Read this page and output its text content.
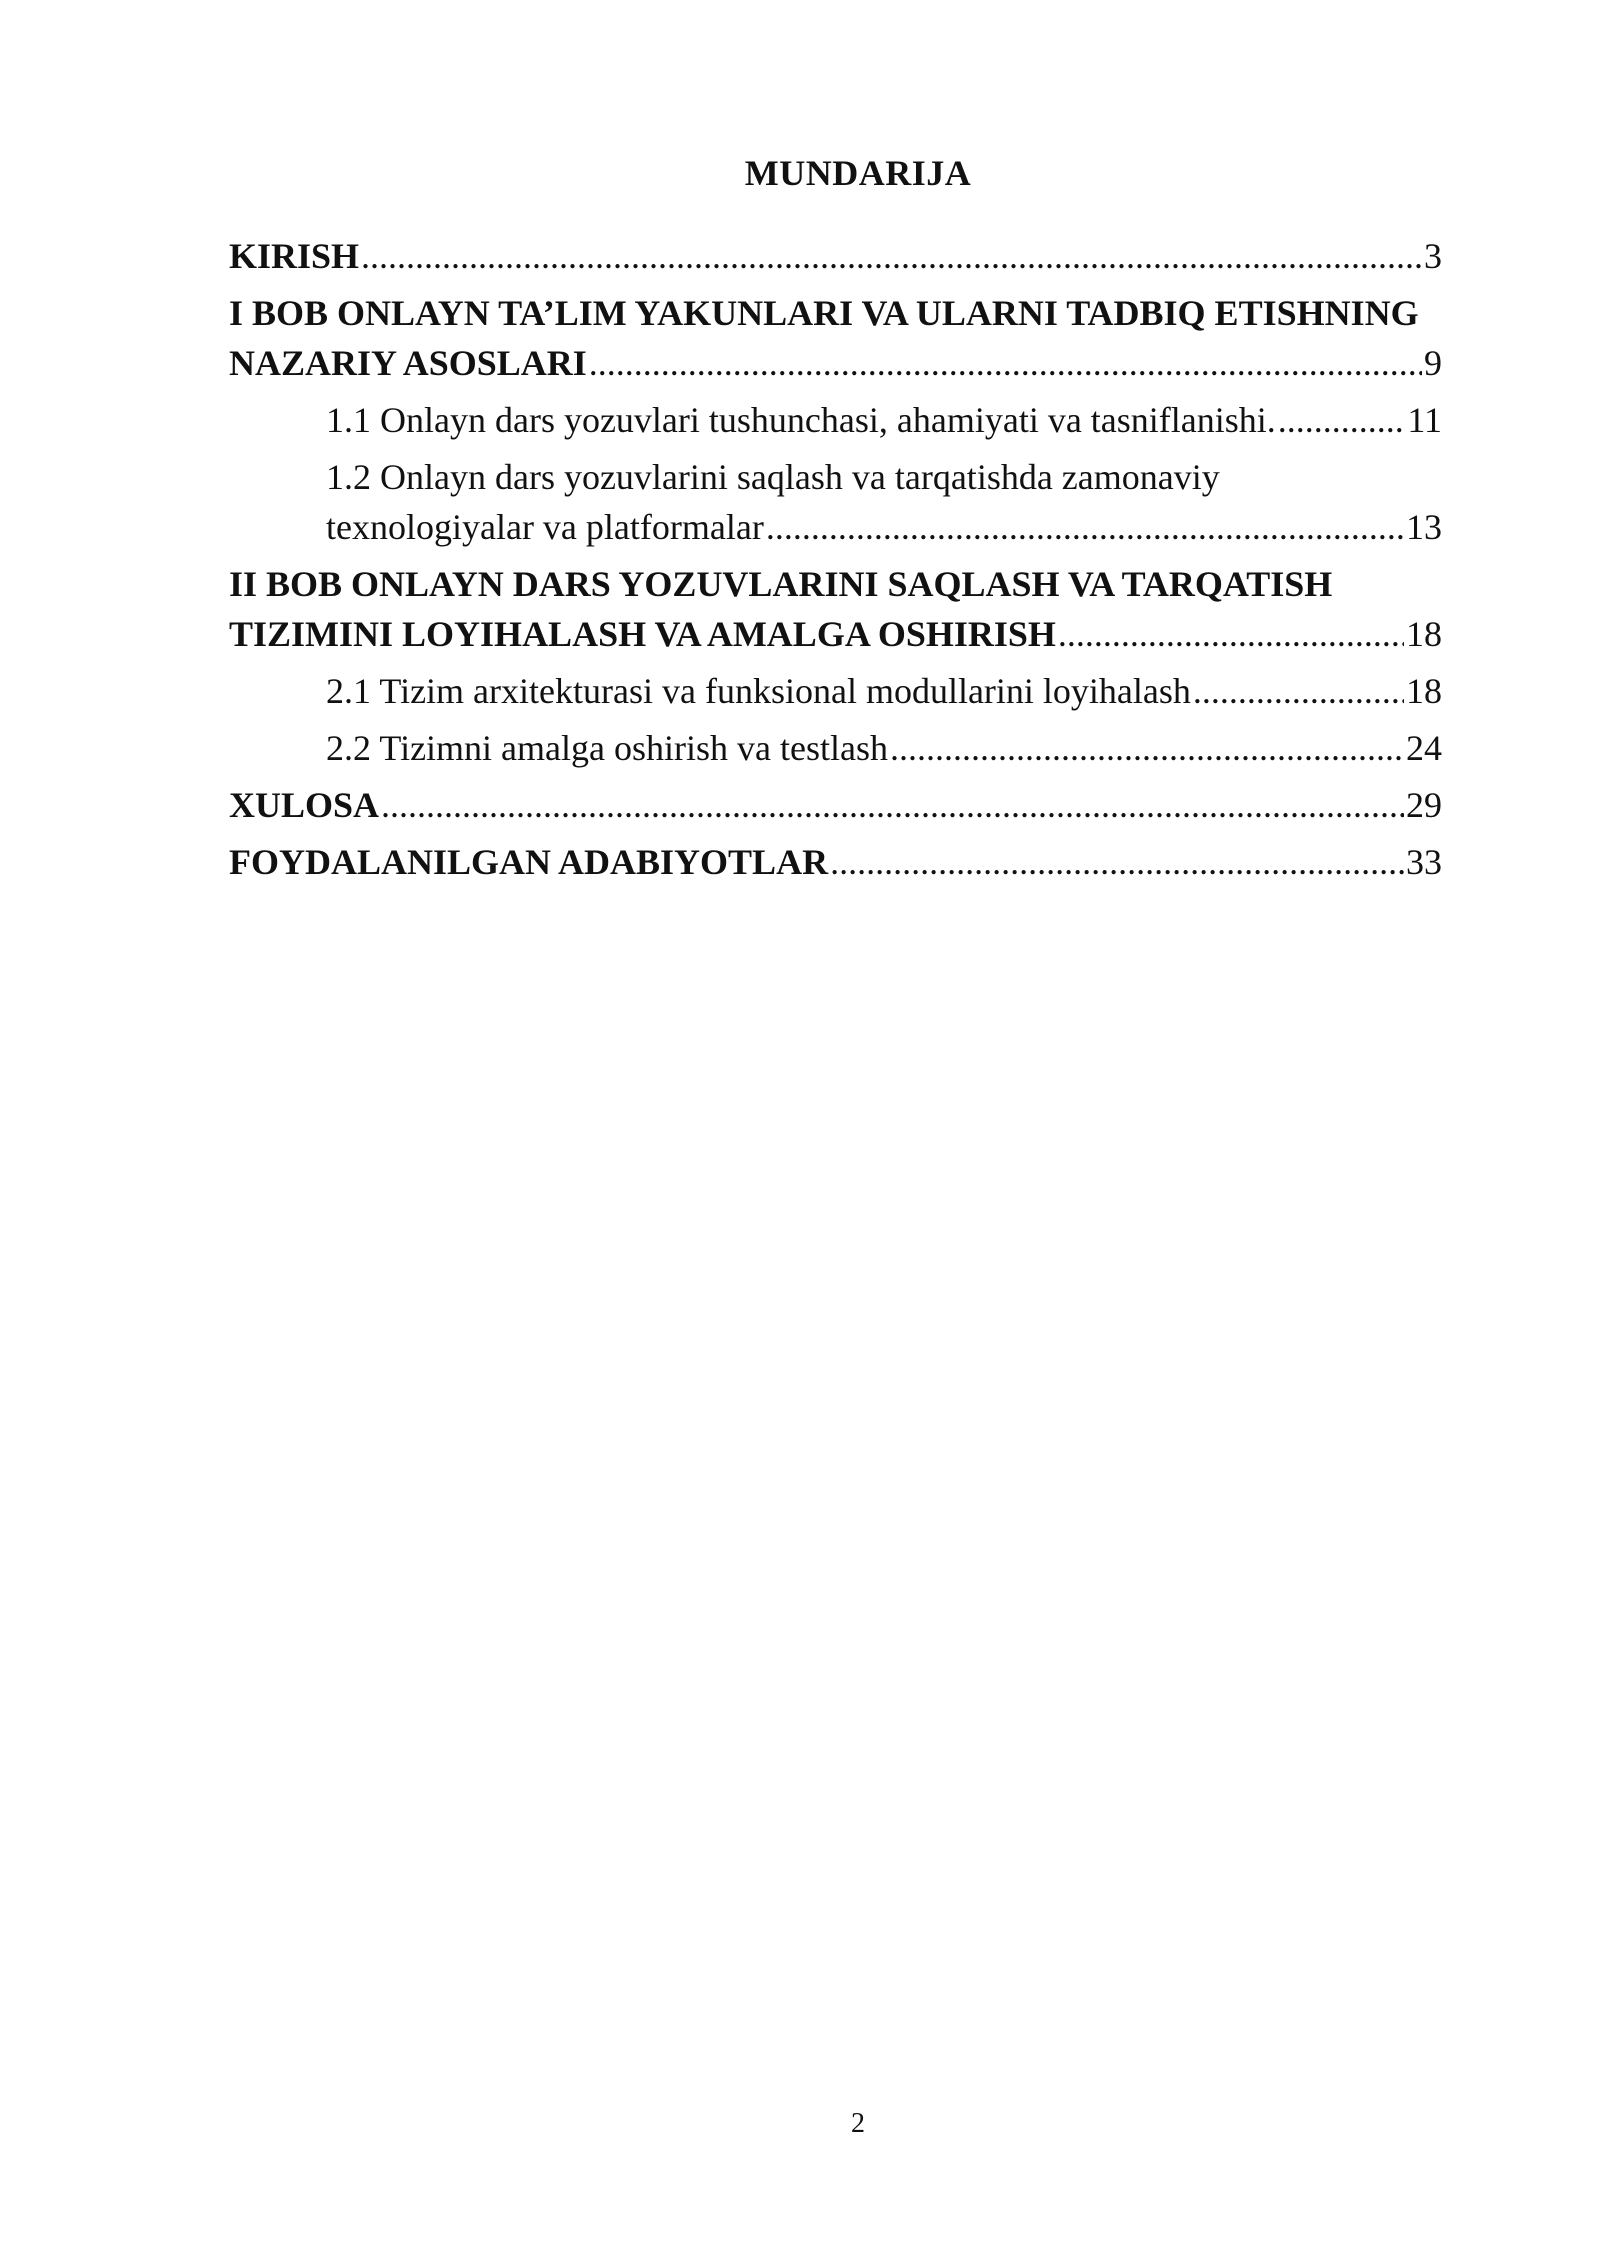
MUNDARIJA
KIRISH .....	3
I BOB ONLAYN TA’LIM YAKUNLARI VA ULARNI TADBIQ ETISHNING
NAZARIY ASOSLARI .....	9
1.1 Onlayn dars yozuvlari tushunchasi, ahamiyati va tasniflanishi. .....	11
1.2 Onlayn dars yozuvlarini saqlash va tarqatishda zamonaviy
texnologiyalar va platformalar .....	13
II BOB ONLAYN DARS YOZUVLARINI SAQLASH VA TARQATISH
TIZIMINI LOYIHALASH VA AMALGA OSHIRISH .....	18
2.1 Tizim arxitekturasi va funksional modullarini loyihalash .....	18
2.2 Tizimni amalga oshirish va testlash .....	24
XULOSA .....	29
FOYDALANILGAN ADABIYOTLAR .....	33
2
